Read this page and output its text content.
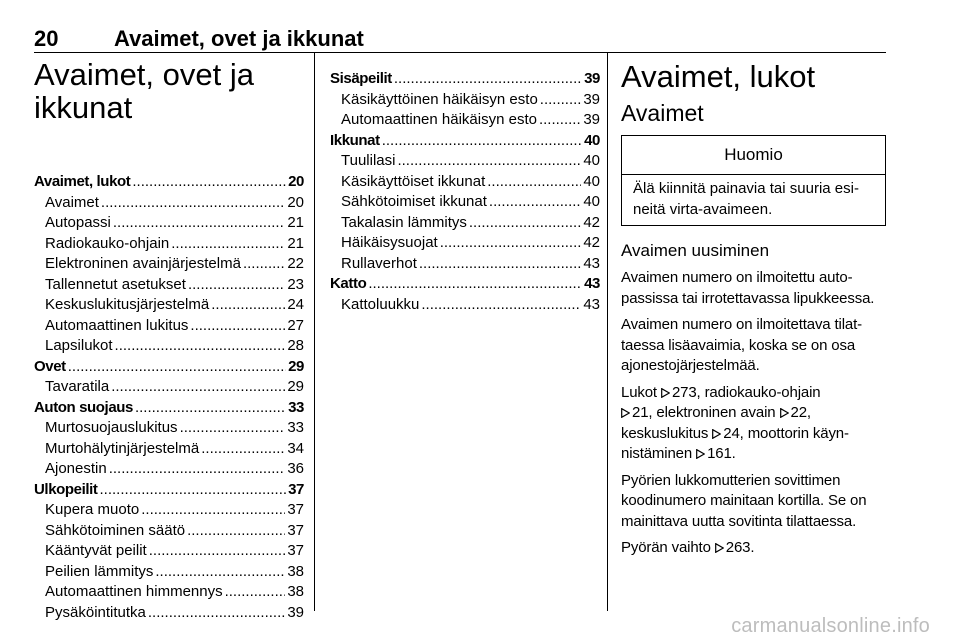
20	Avaimet, ovet ja ikkunat
Avaimet, ovet ja ikkunat
Avaimet, lukot .....	20
Avaimet .....	20
Autopassi .....	21
Radiokauko-ohjain .....	21
Elektroninen avainjärjestelmä .....	22
Tallennetut asetukset .....	23
Keskuslukitusjärjestelmä .....	24
Automaattinen lukitus .....	27
Lapsilukot .....	28
Ovet .....	29
Tavaratila .....	29
Auton suojaus .....	33
Murtosuojauslukitus .....	33
Murtohälytinjärjestelmä .....	34
Ajonestin .....	36
Ulkopeilit .....	37
Kupera muoto .....	37
Sähkötoiminen säätö .....	37
Kääntyvät peilit .....	37
Peilien lämmitys .....	38
Automaattinen himmennys .....	38
Pysäköintitutka .....	39
Sisäpeilit .....	39
Käsikäyttöinen häikäisyn esto .....	39
Automaattinen häikäisyn esto .....	39
Ikkunat .....	40
Tuulilasi .....	40
Käsikäyttöiset ikkunat .....	40
Sähkötoimiset ikkunat .....	40
Takalasin lämmitys .....	42
Häikäisysuojat .....	42
Rullaverhot .....	43
Katto .....	43
Kattoluukku .....	43
Avaimet, lukot
Avaimet
Huomio
Älä kiinnitä painavia tai suuria esineitä virta-avaimeen.
Avaimen uusiminen

Avaimen numero on ilmoitettu autopassissa tai irrotettavassa lipukkeessa.

Avaimen numero on ilmoitettava tilattaessa lisäavaimia, koska se on osa ajonestojärjestelmää.

Lukot 273, radiokauko-ohjain
21, elektroninen avain 22, keskuslukitus 24, moottorin käynnistäminen 161.

Pyörien lukkomutterien sovittimen koodinumero mainitaan kortilla. Se on mainittava uutta sovitinta tilattaessa.

Pyörän vaihto 263.

carmanualsonline.info
